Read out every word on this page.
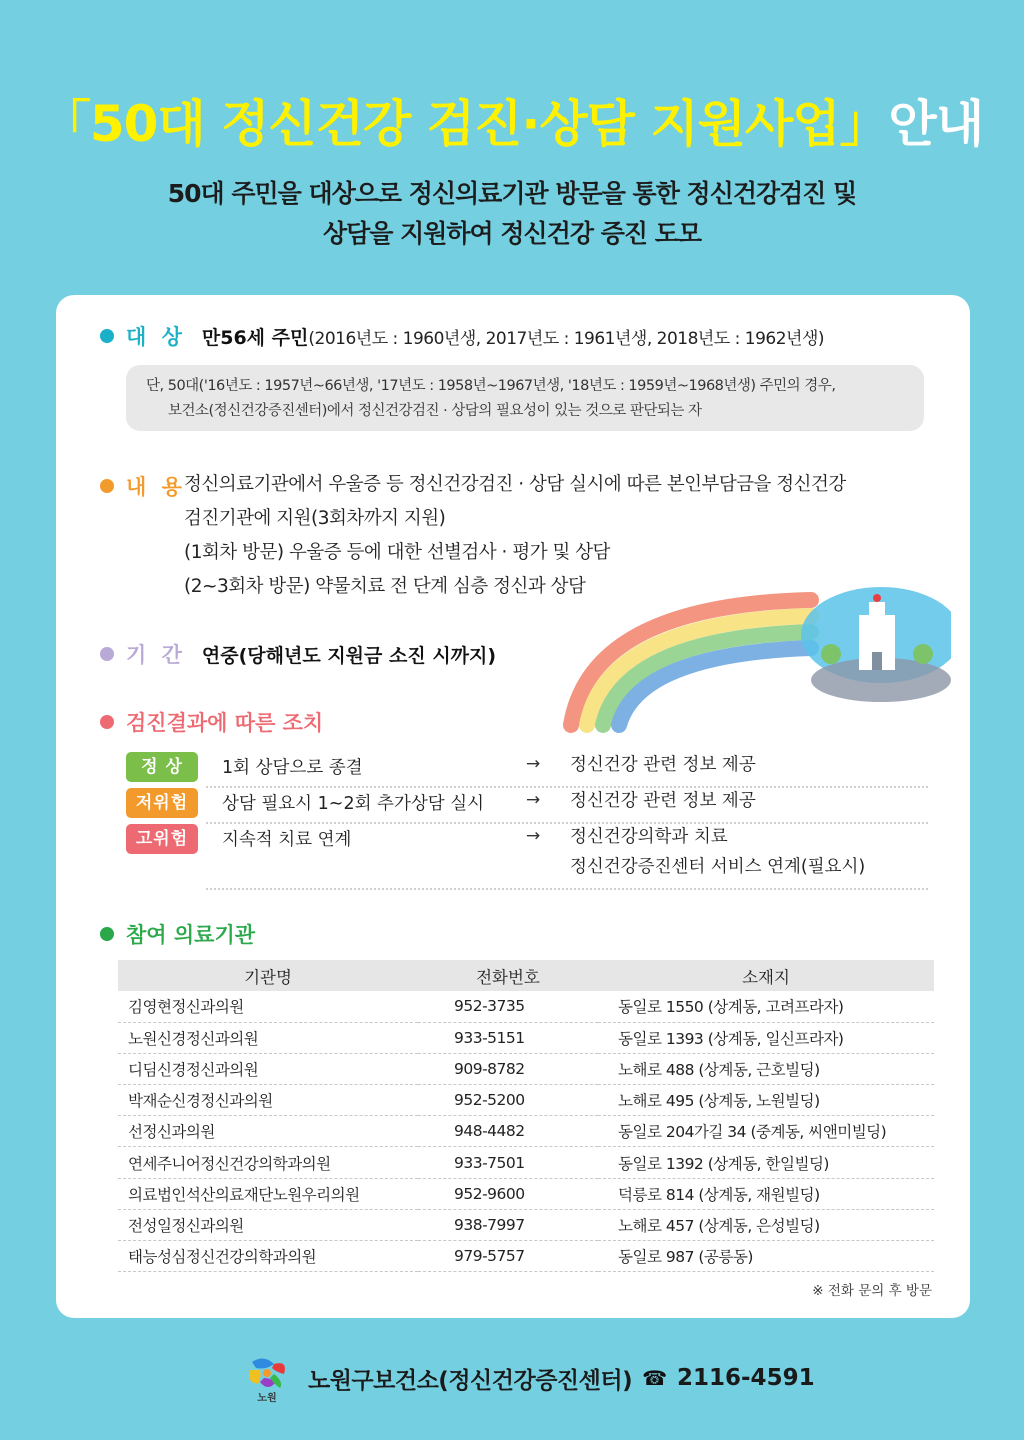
「50대 정신건강 검진·상담 지원사업」안내
50대 주민을 대상으로 정신의료기관 방문을 통한 정신건강검진 및
상담을 지원하여 정신건강 증진 도모
대 상 만56세 주민 (2016년도 : 1960년생, 2017년도 : 1961년생, 2018년도 : 1962년생)
단, 50대('16년도 : 1957년~66년생, '17년도 : 1958년~1967년생, '18년도 : 1959년~1968년생) 주민의 경우,
보건소(정신건강증진센터)에서 정신건강검진 · 상담의 필요성이 있는 것으로 판단되는 자
내 용
정신의료기관에서 우울증 등 정신건강검진 · 상담 실시에 따른 본인부담금을 정신건강
검진기관에 지원(3회차까지 지원)
(1회차 방문) 우울증 등에 대한 선별검사 · 평가 및 상담
(2~3회차 방문) 약물치료 전 단계 심층 정신과 상담
기 간 연중(당해년도 지원금 소진 시까지)
검진결과에 따른 조치
정 상	1회 상담으로 종결	→ 정신건강 관련 정보 제공
저위험	상담 필요시 1~2회 추가상담 실시 → 정신건강 관련 정보 제공
고위험	지속적 치료 연계	→ 정신건강의학과 치료
정신건강증진센터 서비스 연계(필요시)
참여 의료기관
기관명	전화번호	소재지
김영현정신과의원	952-3735	동일로 1550 (상계동, 고려프라자)
노원신경정신과의원	933-5151	동일로 1393 (상계동, 일신프라자)
디딤신경정신과의원	909-8782	노해로 488 (상계동, 근호빌딩)
박재순신경정신과의원	952-5200	노해로 495 (상계동, 노원빌딩)
선정신과의원	948-4482	동일로 204가길 34 (중계동, 씨앤미빌딩)
연세주니어정신건강의학과의원	933-7501	동일로 1392 (상계동, 한일빌딩)
의료법인석산의료재단노원우리의원	952-9600	덕릉로 814 (상계동, 재원빌딩)
전성일정신과의원	938-7997	노해로 457 (상계동, 은성빌딩)
태능성심정신건강의학과의원	979-5757	동일로 987 (공릉동)
※ 전화 문의 후 방문
노원
노원구보건소(정신건강증진센터) ☎ 2116-4591
